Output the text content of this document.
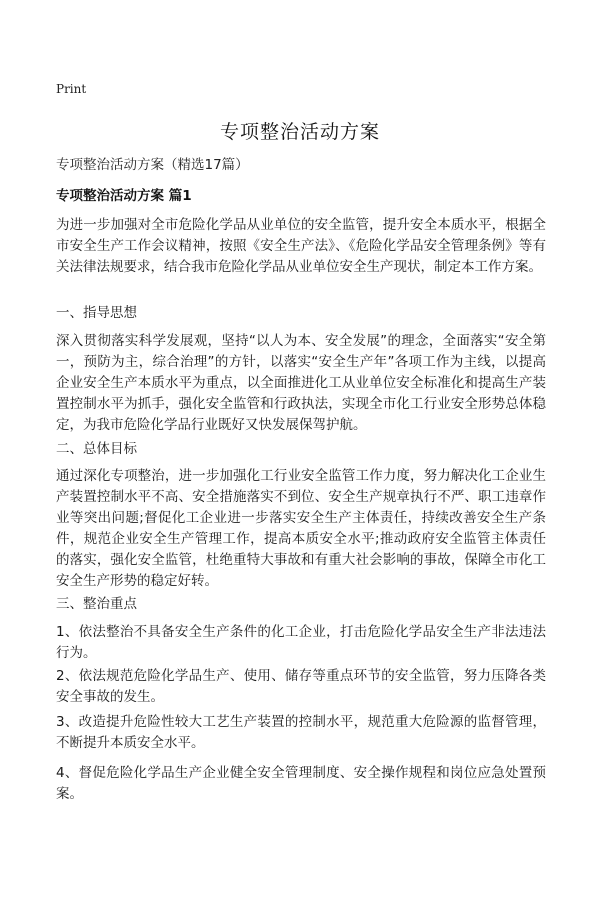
Print
专项整治活动方案
专项整治活动方案（精选17篇）
专项整治活动方案 篇1
为进一步加强对全市危险化学品从业单位的安全监管，提升安全本质水平，根据全市安全生产工作会议精神，按照《安全生产法》、《危险化学品安全管理条例》等有关法律法规要求，结合我市危险化学品从业单位安全生产现状，制定本工作方案。
一、指导思想
深入贯彻落实科学发展观，坚持“以人为本、安全发展”的理念，全面落实“安全第一，预防为主，综合治理”的方针，以落实“安全生产年”各项工作为主线，以提高企业安全生产本质水平为重点，以全面推进化工从业单位安全标准化和提高生产装置控制水平为抓手，强化安全监管和行政执法，实现全市化工行业安全形势总体稳定，为我市危险化学品行业既好又快发展保驾护航。
二、总体目标
通过深化专项整治，进一步加强化工行业安全监管工作力度，努力解决化工企业生产装置控制水平不高、安全措施落实不到位、安全生产规章执行不严、职工违章作业等突出问题;督促化工企业进一步落实安全生产主体责任，持续改善安全生产条件，规范企业安全生产管理工作，提高本质安全水平;推动政府安全监管主体责任的落实，强化安全监管，杜绝重特大事故和有重大社会影响的事故，保障全市化工安全生产形势的稳定好转。
三、整治重点
1、依法整治不具备安全生产条件的化工企业，打击危险化学品安全生产非法违法行为。
2、依法规范危险化学品生产、使用、储存等重点环节的安全监管，努力压降各类安全事故的发生。
3、改造提升危险性较大工艺生产装置的控制水平，规范重大危险源的监督管理，不断提升本质安全水平。
4、督促危险化学品生产企业健全安全管理制度、安全操作规程和岗位应急处置预案。
